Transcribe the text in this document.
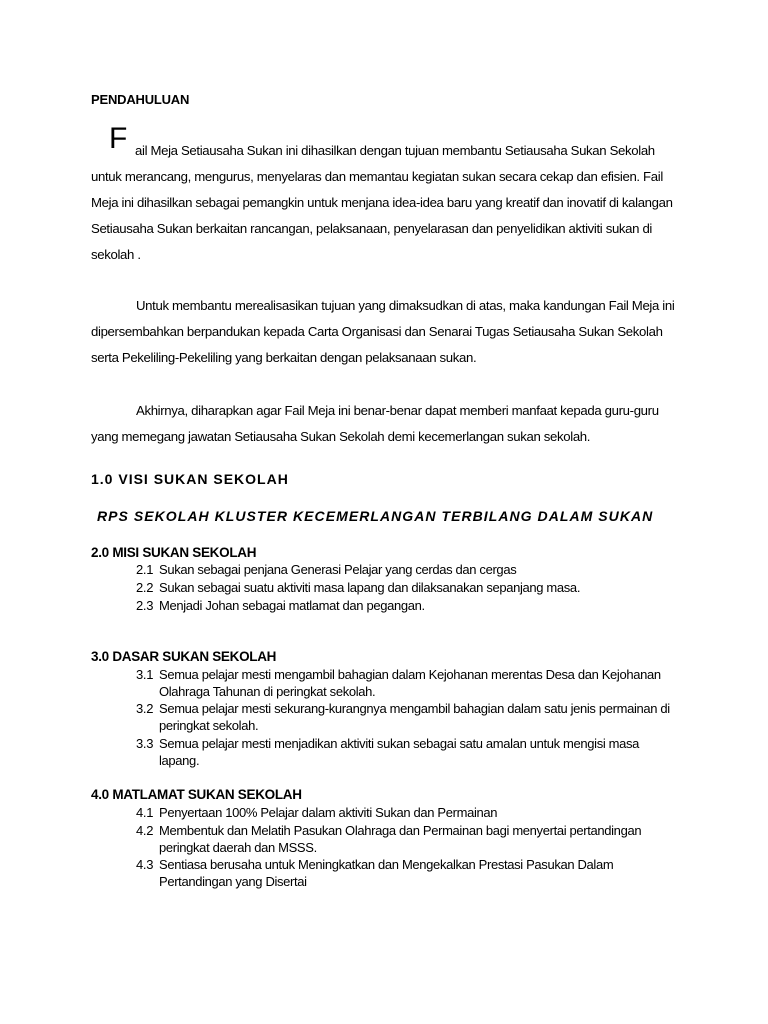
PENDAHULUAN
F ail Meja Setiausaha Sukan ini dihasilkan dengan tujuan membantu Setiausaha Sukan Sekolah
untuk merancang, mengurus, menyelaras dan memantau kegiatan sukan secara cekap dan efisien. Fail
Meja ini dihasilkan sebagai pemangkin untuk menjana idea-idea baru yang kreatif dan inovatif di kalangan
Setiausaha Sukan berkaitan rancangan, pelaksanaan, penyelarasan dan penyelidikan aktiviti sukan di
sekolah .
Untuk membantu merealisasikan tujuan yang dimaksudkan di atas, maka kandungan Fail Meja ini
dipersembahkan berpandukan kepada Carta Organisasi dan Senarai Tugas Setiausaha Sukan Sekolah
serta Pekeliling-Pekeliling yang berkaitan dengan pelaksanaan sukan.
Akhirnya, diharapkan agar Fail Meja ini benar-benar dapat memberi manfaat kepada guru-guru
yang memegang jawatan Setiausaha Sukan Sekolah demi kecemerlangan sukan sekolah.
1.0 VISI SUKAN SEKOLAH
RPS SEKOLAH KLUSTER KECEMERLANGAN TERBILANG DALAM SUKAN
2.0 MISI SUKAN SEKOLAH
2.1 Sukan sebagai penjana Generasi Pelajar yang cerdas dan cergas
2.2 Sukan sebagai suatu aktiviti masa lapang dan dilaksanakan sepanjang masa.
2.3 Menjadi Johan sebagai matlamat dan pegangan.
3.0 DASAR SUKAN SEKOLAH
3.1 Semua pelajar mesti mengambil bahagian dalam Kejohanan merentas Desa dan Kejohanan
Olahraga Tahunan di peringkat sekolah.
3.2 Semua pelajar mesti sekurang-kurangnya mengambil bahagian dalam satu jenis permainan di
peringkat sekolah.
3.3 Semua pelajar mesti menjadikan aktiviti sukan sebagai satu amalan untuk mengisi masa
lapang.
4.0 MATLAMAT SUKAN SEKOLAH
4.1 Penyertaan 100% Pelajar dalam aktiviti Sukan dan Permainan
4.2 Membentuk dan Melatih Pasukan Olahraga dan Permainan bagi menyertai pertandingan
peringkat daerah dan MSSS.
4.3 Sentiasa berusaha untuk Meningkatkan dan Mengekalkan Prestasi Pasukan Dalam
Pertandingan yang Disertai
